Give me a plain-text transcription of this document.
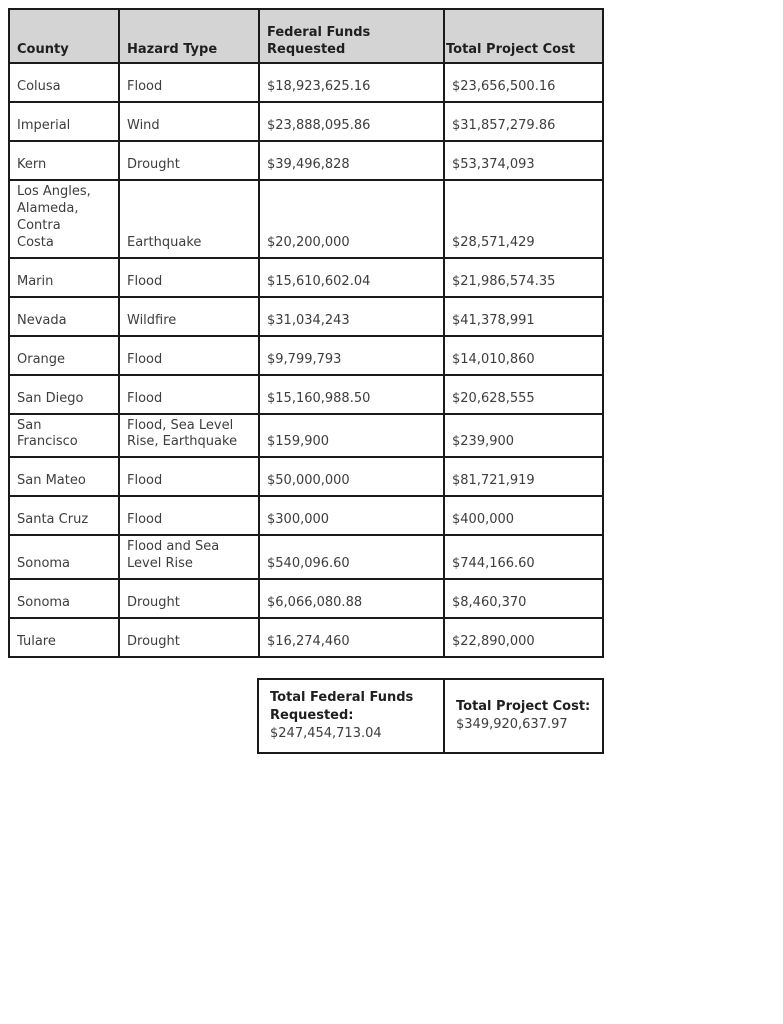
County	Hazard Type	Federal Funds Requested	Total Project Cost
Colusa	Flood	$18,923,625.16	$23,656,500.16
Imperial	Wind	$23,888,095.86	$31,857,279.86
Kern	Drought	$39,496,828	$53,374,093
Los Angles, Alameda, Contra Costa	Earthquake	$20,200,000	$28,571,429
Marin	Flood	$15,610,602.04	$21,986,574.35
Nevada	Wildfire	$31,034,243	$41,378,991
Orange	Flood	$9,799,793	$14,010,860
San Diego	Flood	$15,160,988.50	$20,628,555
San Francisco	Flood, Sea Level Rise, Earthquake	$159,900	$239,900
San Mateo	Flood	$50,000,000	$81,721,919
Santa Cruz	Flood	$300,000	$400,000
Sonoma	Flood and Sea Level Rise	$540,096.60	$744,166.60
Sonoma	Drought	$6,066,080.88	$8,460,370
Tulare	Drought	$16,274,460	$22,890,000
Total Federal Funds Requested:
$247,454,713.04
Total Project Cost:
$349,920,637.97
